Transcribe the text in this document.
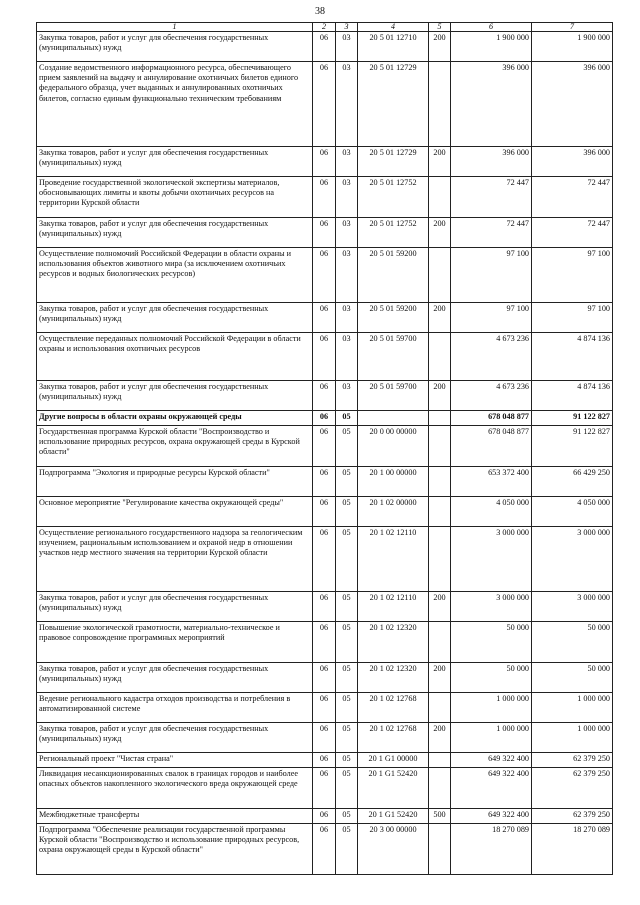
38
1	2	3	4	5	6	7
Закупка товаров, работ и услуг для обеспечения государственных (муниципальных) нужд	06	03	20 5 01 12710	200	1 900 000	1 900 000
Создание ведомственного информационного ресурса, обеспечивающего прием заявлений на выдачу и аннулирование охотничьих билетов единого федерального образца, учет выданных и аннулированных охотничьих билетов, согласно единым функционально техническим требованиям	06	03	20 5 01 12729		396 000	396 000
Закупка товаров, работ и услуг для обеспечения государственных (муниципальных) нужд	06	03	20 5 01 12729	200	396 000	396 000
Проведение государственной экологической экспертизы материалов, обосновывающих лимиты и квоты добычи охотничьих ресурсов на территории Курской области	06	03	20 5 01 12752		72 447	72 447
Закупка товаров, работ и услуг для обеспечения государственных (муниципальных) нужд	06	03	20 5 01 12752	200	72 447	72 447
Осуществление полномочий Российской Федерации в области охраны и использования объектов животного мира (за исключением охотничьих ресурсов и водных биологических ресурсов)	06	03	20 5 01 59200		97 100	97 100
Закупка товаров, работ и услуг для обеспечения государственных (муниципальных) нужд	06	03	20 5 01 59200	200	97 100	97 100
Осуществление переданных полномочий Российской Федерации в области охраны и использования охотничьих ресурсов	06	03	20 5 01 59700		4 673 236	4 874 136
Закупка товаров, работ и услуг для обеспечения государственных (муниципальных) нужд	06	03	20 5 01 59700	200	4 673 236	4 874 136
Другие вопросы в области охраны окружающей среды	06	05			678 048 877	91 122 827
Государственная программа Курской области "Воспроизводство и использование природных ресурсов, охрана окружающей среды в Курской области"	06	05	20 0 00 00000		678 048 877	91 122 827
Подпрограмма "Экология и природные ресурсы Курской области"	06	05	20 1 00 00000		653 372 400	66 429 250
Основное мероприятие "Регулирование качества окружающей среды"	06	05	20 1 02 00000		4 050 000	4 050 000
Осуществление регионального государственного надзора за геологическим изучением, рациональным использованием и охраной недр в отношении участков недр местного значения на территории Курской области	06	05	20 1 02 12110		3 000 000	3 000 000
Закупка товаров, работ и услуг для обеспечения государственных (муниципальных) нужд	06	05	20 1 02 12110	200	3 000 000	3 000 000
Повышение экологической грамотности, материально-техническое и правовое сопровождение программных мероприятий	06	05	20 1 02 12320		50 000	50 000
Закупка товаров, работ и услуг для обеспечения государственных (муниципальных) нужд	06	05	20 1 02 12320	200	50 000	50 000
Ведение регионального кадастра отходов производства и потребления в автоматизированной системе	06	05	20 1 02 12768		1 000 000	1 000 000
Закупка товаров, работ и услуг для обеспечения государственных (муниципальных) нужд	06	05	20 1 02 12768	200	1 000 000	1 000 000
Региональный проект "Чистая страна"	06	05	20 1 G1 00000		649 322 400	62 379 250
Ликвидация несанкционированных свалок в границах городов и наиболее опасных объектов накопленного экологического вреда окружающей среде	06	05	20 1 G1 52420		649 322 400	62 379 250
Межбюджетные трансферты	06	05	20 1 G1 52420	500	649 322 400	62 379 250
Подпрограмма "Обеспечение реализации государственной программы Курской области "Воспроизводство и использование природных ресурсов, охрана окружающей среды в Курской области"	06	05	20 3 00 00000		18 270 089	18 270 089
